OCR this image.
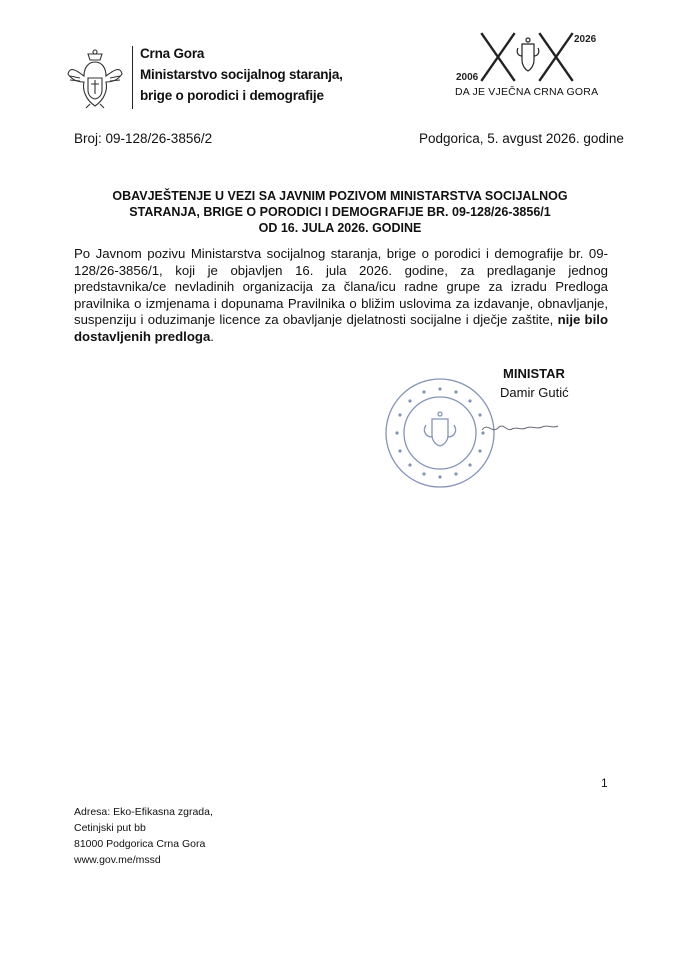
Crna Gora
Ministarstvo socijalnog staranja,
brige o porodici i demografije
2006
2026
DA JE VJEČNA CRNA GORA
Broj: 09-128/26-3856/2	Podgorica, 5. avgust 2026. godine
OBAVJEŠTENJE U VEZI SA JAVNIM POZIVOM MINISTARSTVA SOCIJALNOG
STARANJA, BRIGE O PORODICI I DEMOGRAFIJE BR. 09-128/26-3856/1
OD 16. JULA 2026. GODINE
Po Javnom pozivu Ministarstva socijalnog staranja, brige o porodici i demografije br. 09-128/26-3856/1, koji je objavljen 16. jula 2026. godine, za predlaganje jednog predstavnika/ce nevladinih organizacija za člana/icu radne grupe za izradu Predloga pravilnika o izmjenama i dopunama Pravilnika o bližim uslovima za izdavanje, obnavljanje, suspenziju i oduzimanje licence za obavljanje djelatnosti socijalne i dječje zaštite, nije bilo dostavljenih predloga.
MINISTAR
Damir Gutić
1
Adresa: Eko-Efikasna zgrada,
Cetinjski put bb
81000 Podgorica Crna Gora
www.gov.me/mssd
